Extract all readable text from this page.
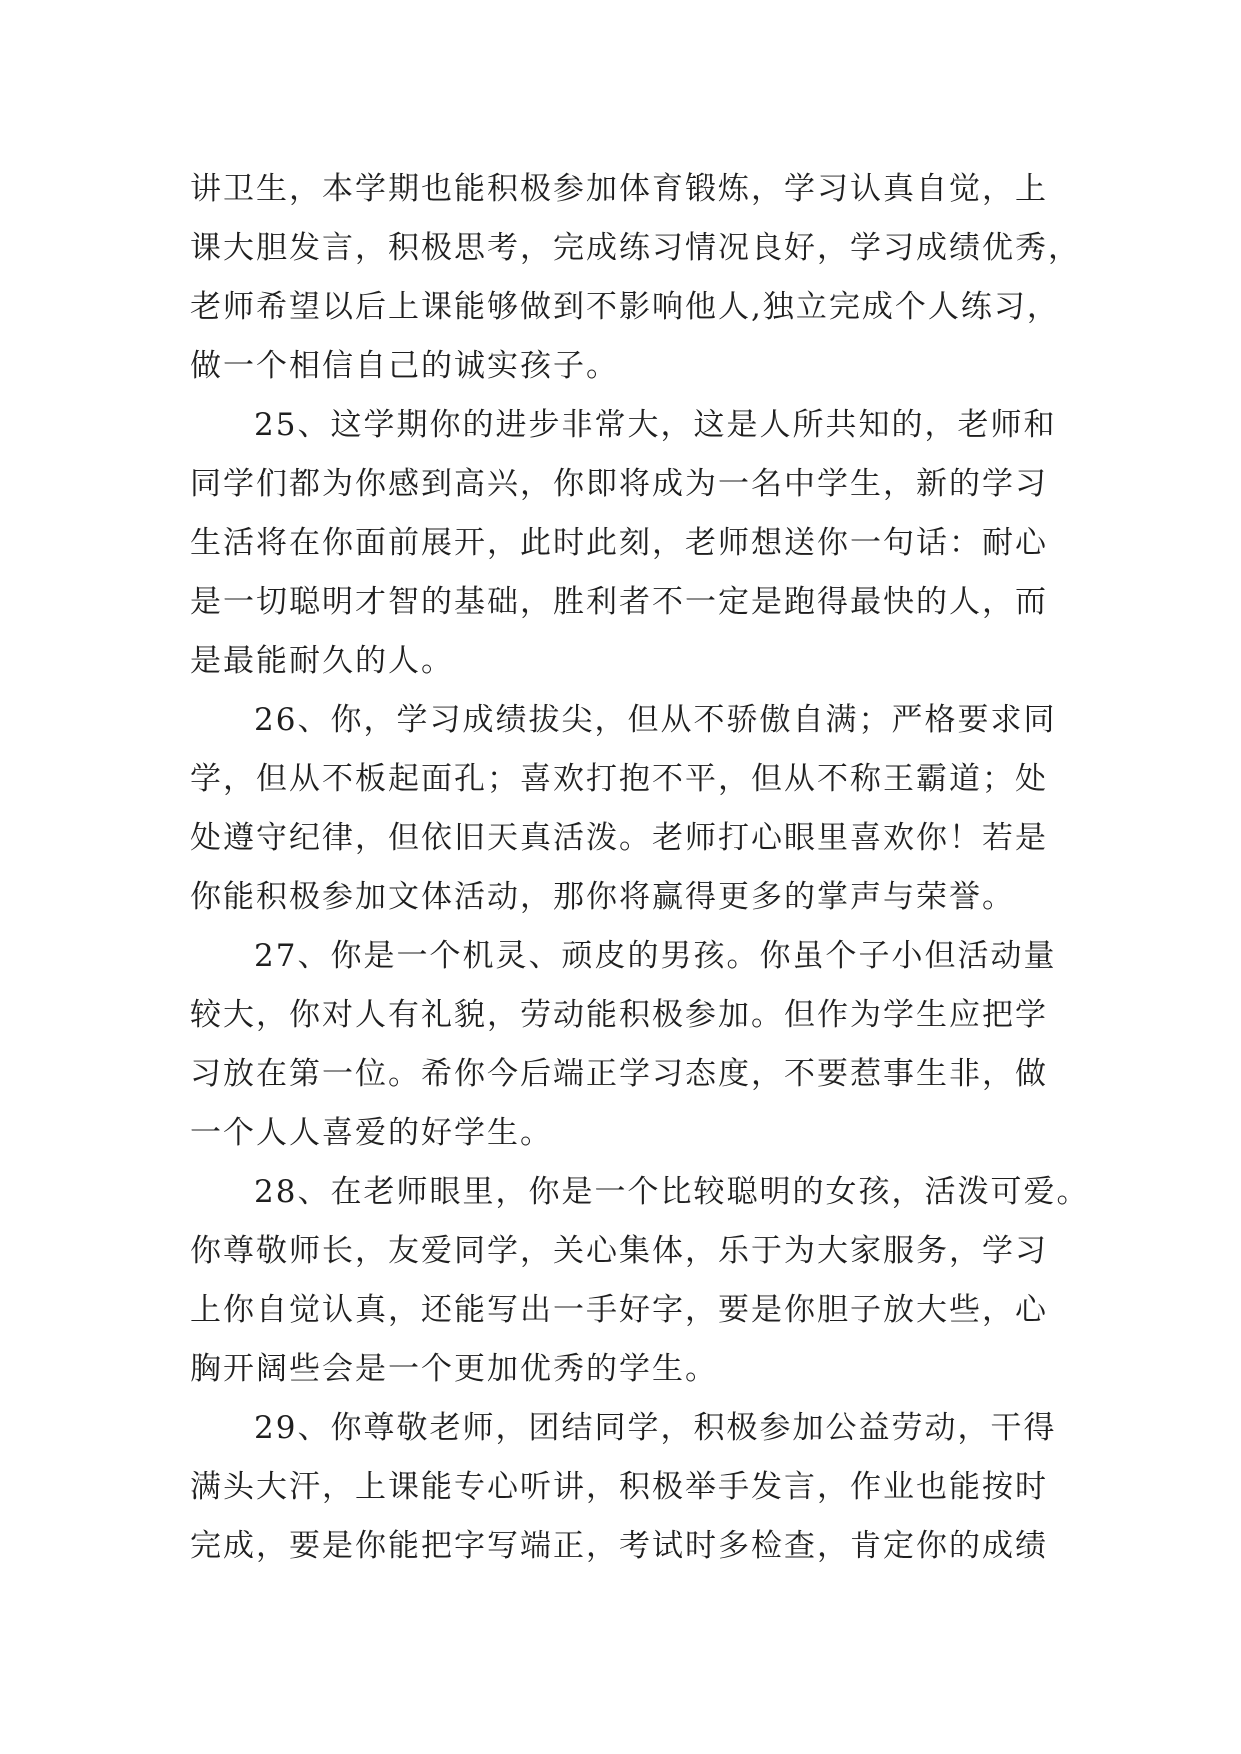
讲卫生，本学期也能积极参加体育锻炼，学习认真自觉，上
课大胆发言，积极思考，完成练习情况良好，学习成绩优秀，
老师希望以后上课能够做到不影响他人,独立完成个人练习，
做一个相信自己的诚实孩子。
25、这学期你的进步非常大，这是人所共知的，老师和
同学们都为你感到高兴，你即将成为一名中学生，新的学习
生活将在你面前展开，此时此刻，老师想送你一句话：耐心
是一切聪明才智的基础，胜利者不一定是跑得最快的人，而
是最能耐久的人。
26、你，学习成绩拔尖，但从不骄傲自满；严格要求同
学，但从不板起面孔；喜欢打抱不平，但从不称王霸道；处
处遵守纪律，但依旧天真活泼。老师打心眼里喜欢你！若是
你能积极参加文体活动，那你将赢得更多的掌声与荣誉。
27、你是一个机灵、顽皮的男孩。你虽个子小但活动量
较大，你对人有礼貌，劳动能积极参加。但作为学生应把学
习放在第一位。希你今后端正学习态度，不要惹事生非，做
一个人人喜爱的好学生。
28、在老师眼里，你是一个比较聪明的女孩，活泼可爱。
你尊敬师长，友爱同学，关心集体，乐于为大家服务，学习
上你自觉认真，还能写出一手好字，要是你胆子放大些，心
胸开阔些会是一个更加优秀的学生。
29、你尊敬老师，团结同学，积极参加公益劳动，干得
满头大汗，上课能专心听讲，积极举手发言，作业也能按时
完成，要是你能把字写端正，考试时多检查，肯定你的成绩
